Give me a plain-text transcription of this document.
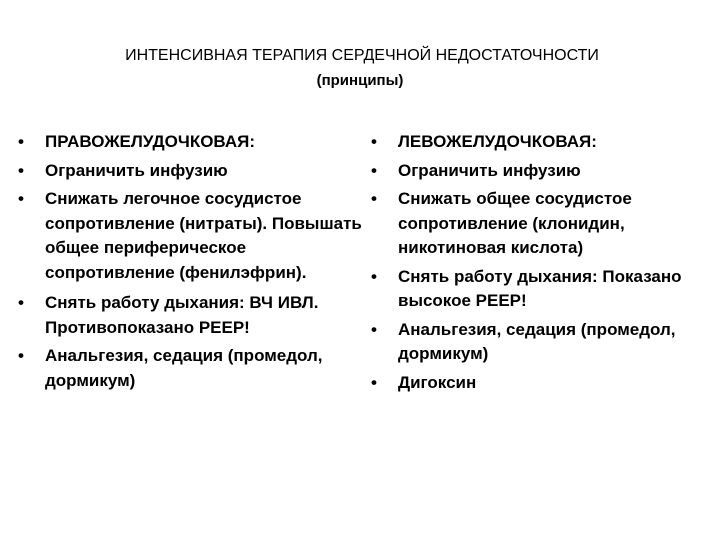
ИНТЕНСИВНАЯ ТЕРАПИЯ СЕРДЕЧНОЙ НЕДОСТАТОЧНОСТИ
(принципы)
•	ПРАВОЖЕЛУДОЧКОВАЯ:
•	Ограничить инфузию
•	Снижать легочное сосудистое сопротивление (нитраты). Повышать общее периферическое сопротивление (фенилэфрин).
•	Снять работу дыхания: ВЧ ИВЛ. Противопоказано PEEP!
•	Анальгезия, седация (промедол, дормикум)
•	ЛЕВОЖЕЛУДОЧКОВАЯ:
•	Ограничить инфузию
•	Снижать общее сосудистое сопротивление (клонидин, никотиновая кислота)
•	Снять работу дыхания: Показано высокое PEEP!
•	Анальгезия, седация (промедол, дормикум)
•	Дигоксин
